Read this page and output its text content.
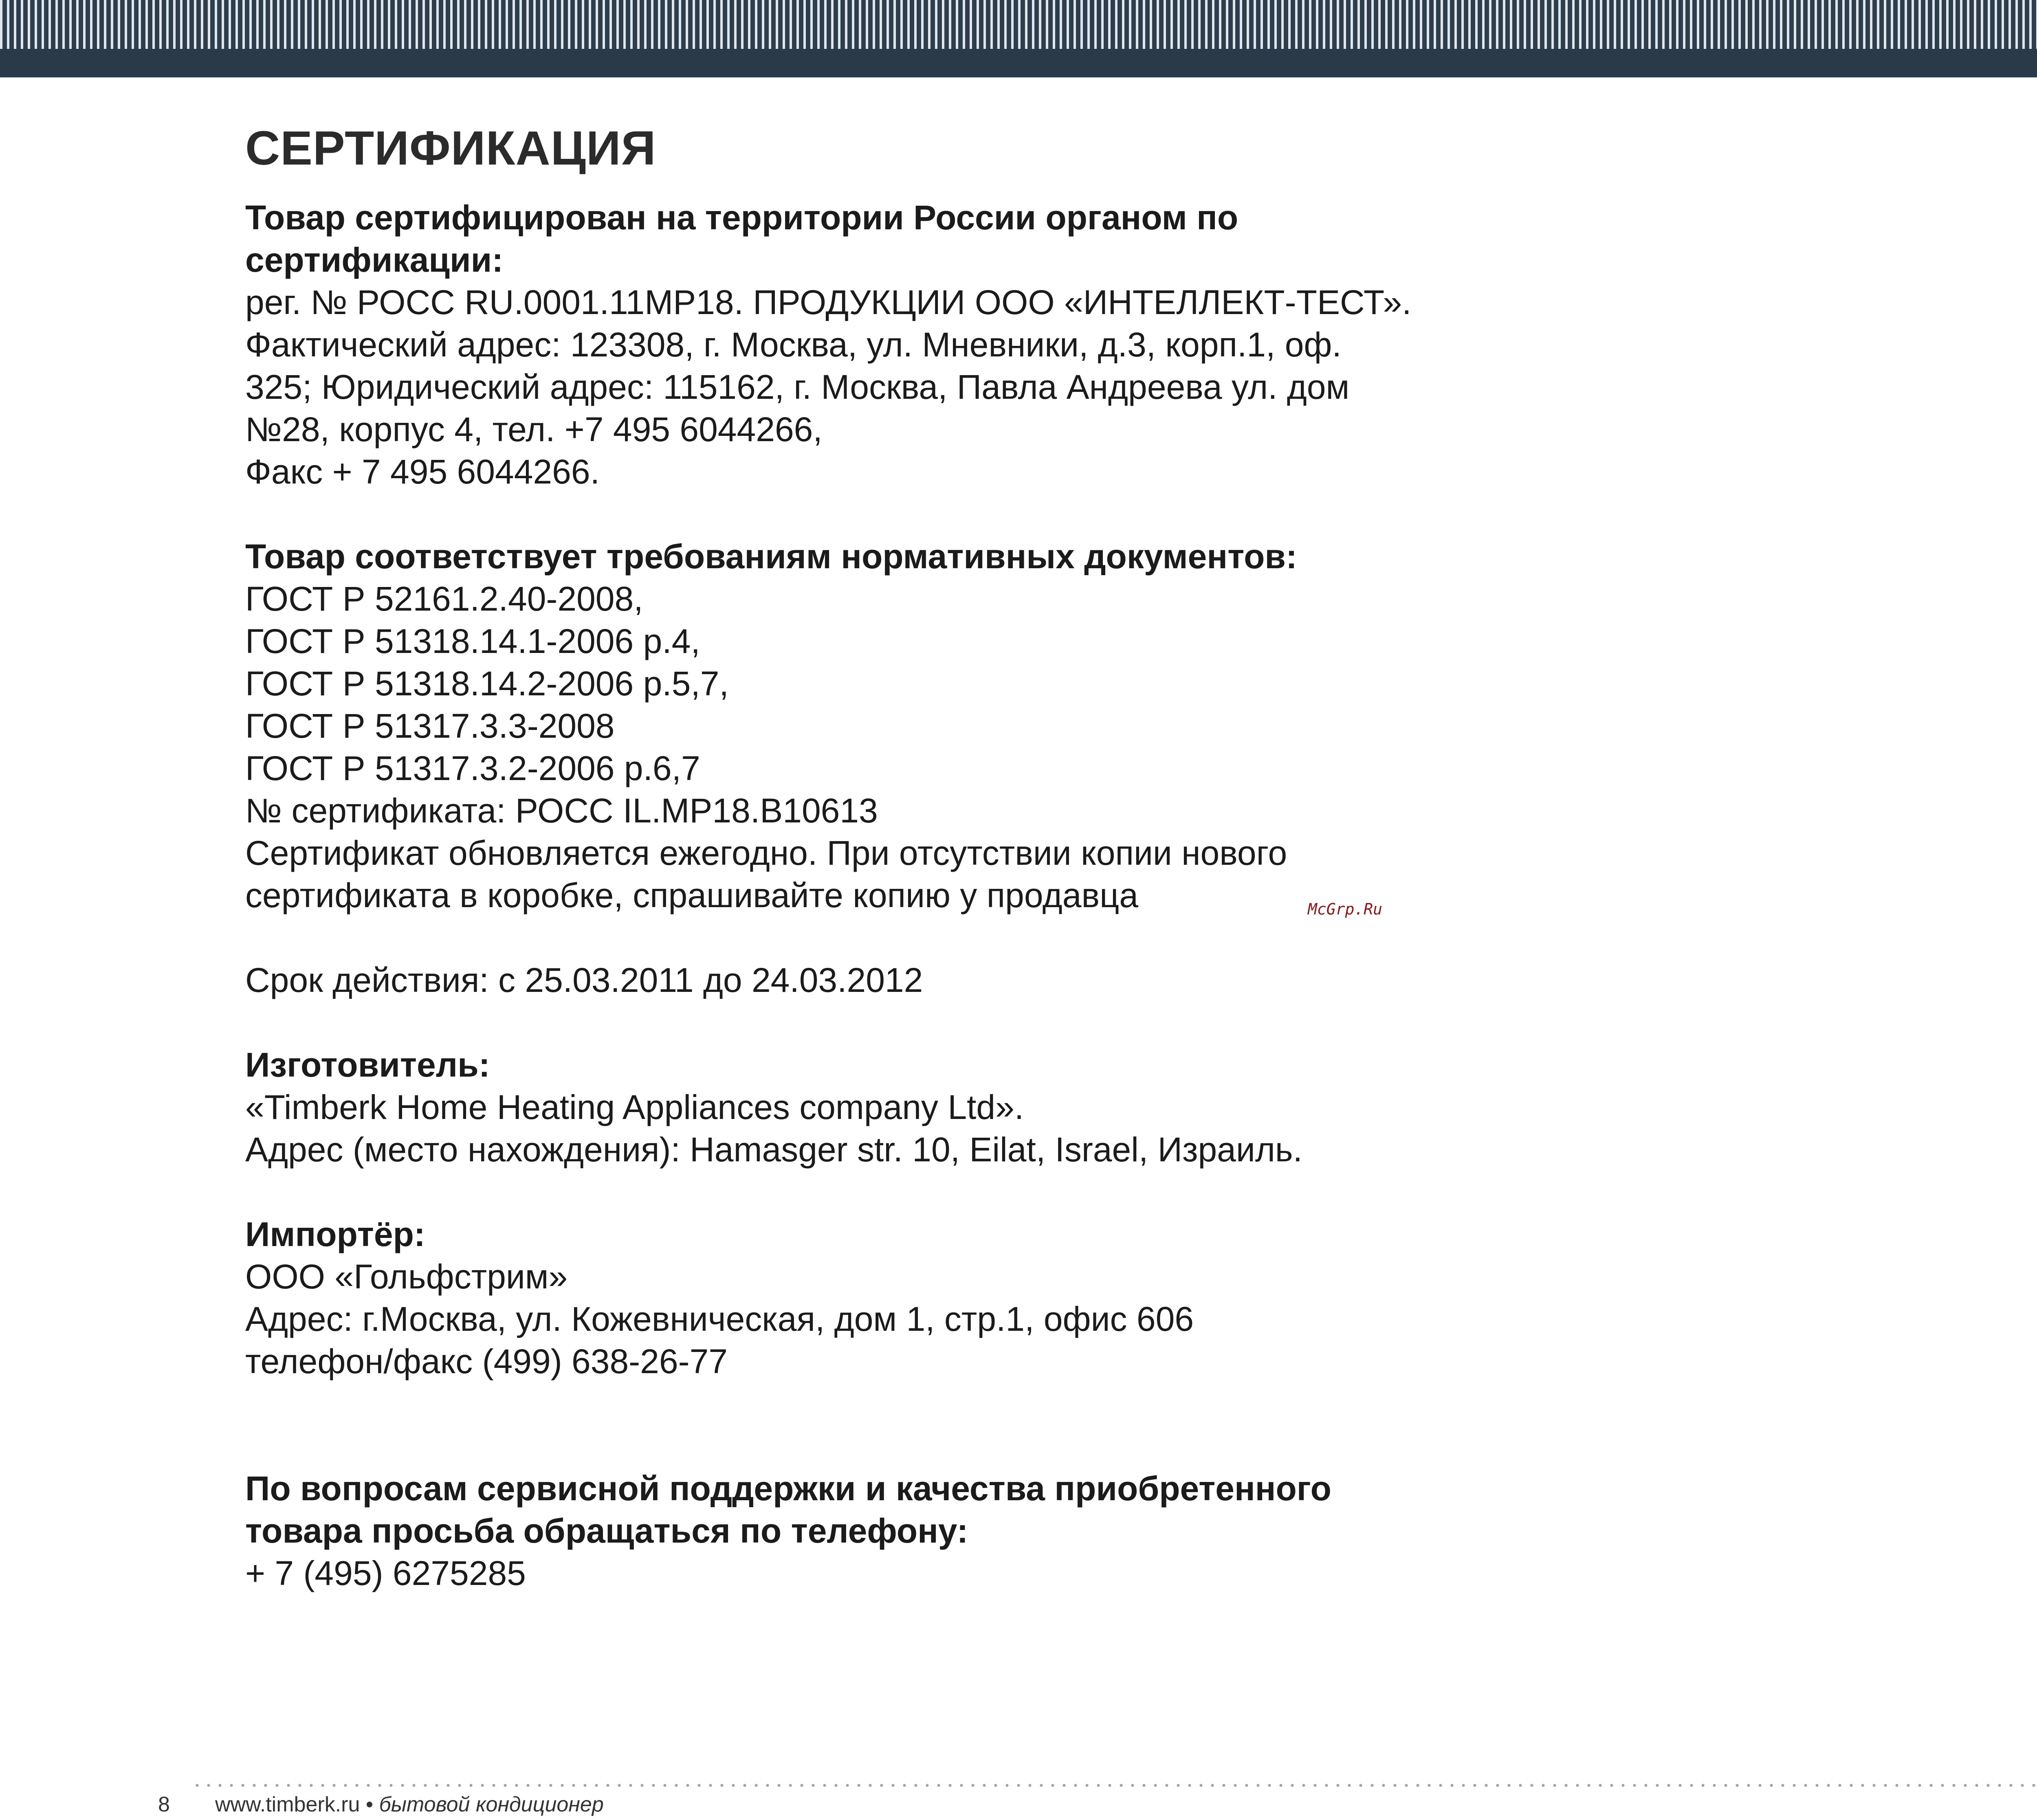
СЕРТИФИКАЦИЯ
Товар сертифицирован на территории России органом по
сертификации:
рег. № РОСС RU.0001.11МР18. ПРОДУКЦИИ ООО «ИНТЕЛЛЕКТ-ТЕСТ».
Фактический адрес: 123308, г. Москва, ул. Мневники, д.3, корп.1, оф.
325; Юридический адрес: 115162, г. Москва, Павла Андреева ул. дом
№28, корпус 4, тел. +7 495 6044266,
Факс + 7 495 6044266.
Товар соответствует требованиям нормативных документов:
ГОСТ Р 52161.2.40-2008,
ГОСТ Р 51318.14.1-2006 р.4,
ГОСТ Р 51318.14.2-2006 р.5,7,
ГОСТ Р 51317.3.3-2008
ГОСТ Р 51317.3.2-2006 р.6,7
№ сертификата: РОСС IL.МР18.В10613
Сертификат обновляется ежегодно. При отсутствии копии нового
сертификата в коробке, спрашивайте копию у продавца
Срок действия: с 25.03.2011 до 24.03.2012
Изготовитель:
«Timberk Home Heating Appliances company Ltd».
Адрес (место нахождения): Hamasger str. 10, Eilat, Israel, Израиль.
Импортёр:
ООО «Гольфстрим»
Адрес: г.Москва, ул. Кожевническая, дом 1, стр.1, офис 606
телефон/факс (499) 638-26-77
По вопросам сервисной поддержки и качества приобретенного
товара просьба обращаться по телефону:
+ 7 (495) 6275285
McGrp.Ru
8 www.timberk.ru • бытовой кондиционер
